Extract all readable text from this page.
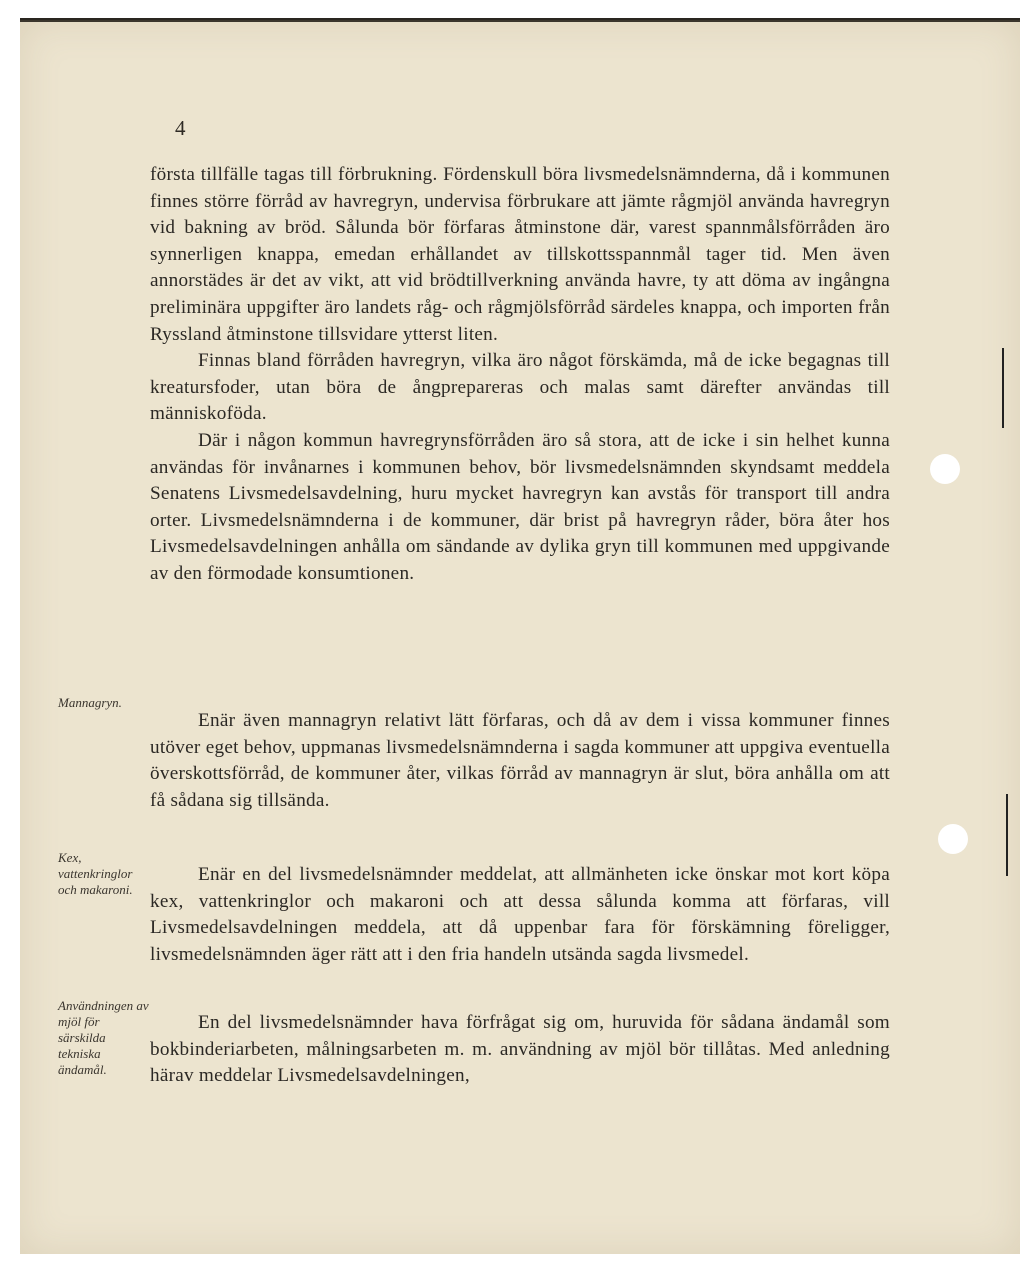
4

första tillfälle tagas till förbrukning. Fördenskull böra livsmedelsnämnderna, då i kommunen finnes större förråd av havregryn, undervisa förbrukare att jämte rågmjöl använda havregryn vid bakning av bröd. Sålunda bör förfaras åtminstone där, varest spannmålsförråden äro synnerligen knappa, emedan erhållandet av tillskottsspannmål tager tid. Men även annorstädes är det av vikt, att vid brödtillverkning använda havre, ty att döma av ingångna preliminära uppgifter äro landets råg- och rågmjölsförråd särdeles knappa, och importen från Ryssland åtminstone tillsvidare ytterst liten.

Finnas bland förråden havregryn, vilka äro något förskämda, må de icke begagnas till kreatursfoder, utan böra de ångprepareras och malas samt därefter användas till människoföda.

Där i någon kommun havregrynsförråden äro så stora, att de icke i sin helhet kunna användas för invånarnes i kommunen behov, bör livsmedelsnämnden skyndsamt meddela Senatens Livsmedelsavdelning, huru mycket havregryn kan avstås för transport till andra orter. Livsmedelsnämnderna i de kommuner, där brist på havregryn råder, böra åter hos Livsmedelsavdelningen anhålla om sändande av dylika gryn till kommunen med uppgivande av den förmodade konsumtionen.

Enär även mannagryn relativt lätt förfaras, och då av dem i vissa kommuner finnes utöver eget behov, uppmanas livsmedelsnämnderna i sagda kommuner att uppgiva eventuella överskottsförråd, de kommuner åter, vilkas förråd av mannagryn är slut, böra anhålla om att få sådana sig tillsända.

Enär en del livsmedelsnämnder meddelat, att allmänheten icke önskar mot kort köpa kex, vattenkringlor och makaroni och att dessa sålunda komma att förfaras, vill Livsmedelsavdelningen meddela, att då uppenbar fara för förskämning föreligger, livsmedelsnämnden äger rätt att i den fria handeln utsända sagda livsmedel.

En del livsmedelsnämnder hava förfrågat sig om, huruvida för sådana ändamål som bokbinderiarbeten, målningsarbeten m. m. användning av mjöl bör tillåtas. Med anledning härav meddelar Livsmedelsavdelningen,

Mannagryn.
Kex, vattenkringlor och makaroni.
Användningen av mjöl för särskilda tekniska ändamål.
